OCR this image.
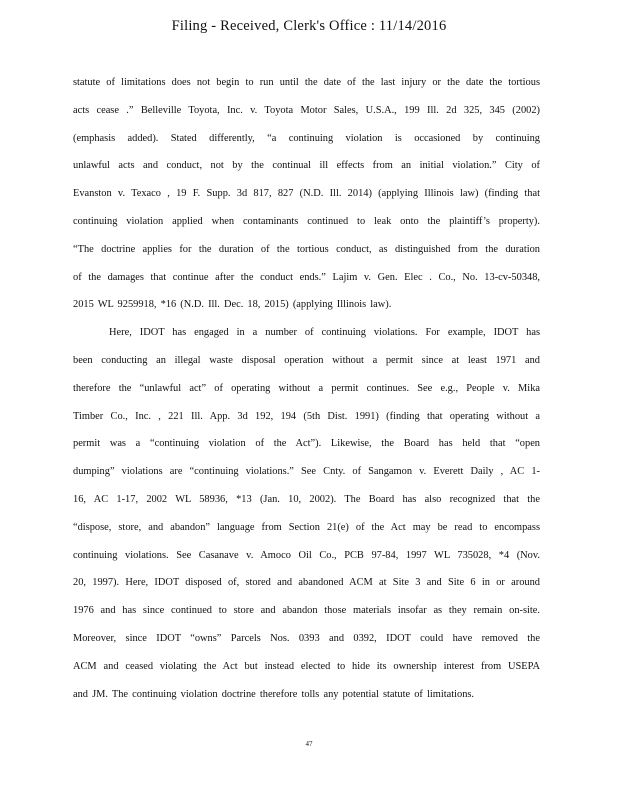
Filing - Received, Clerk's Office : 11/14/2016
statute of limitations does not begin to run until the date of the last injury or the date the tortious
acts cease .” Belleville Toyota, Inc. v. Toyota Motor Sales, U.S.A., 199 Ill. 2d 325, 345 (2002)
(emphasis added). Stated differently, “a continuing violation is occasioned by continuing
unlawful acts and conduct, not by the continual ill effects from an initial violation.” City of
Evanston v. Texaco , 19 F. Supp. 3d 817, 827 (N.D. Ill. 2014) (applying Illinois law) (finding that
continuing violation applied when contaminants continued to leak onto the plaintiff’s property).
“The doctrine applies for the duration of the tortious conduct, as distinguished from the duration
of the damages that continue after the conduct ends.” Lajim v. Gen. Elec . Co., No. 13-cv-50348,
2015 WL 9259918, *16 (N.D. Ill. Dec. 18, 2015) (applying Illinois law).
Here, IDOT has engaged in a number of continuing violations. For example, IDOT has
been conducting an illegal waste disposal operation without a permit since at least 1971 and
therefore the “unlawful act” of operating without a permit continues. See e.g., People v. Mika
Timber Co., Inc. , 221 Ill. App. 3d 192, 194 (5th Dist. 1991) (finding that operating without a
permit was a “continuing violation of the Act”). Likewise, the Board has held that “open
dumping” violations are “continuing violations.” See Cnty. of Sangamon v. Everett Daily , AC 1-
16, AC 1-17, 2002 WL 58936, *13 (Jan. 10, 2002). The Board has also recognized that the
“dispose, store, and abandon” language from Section 21(e) of the Act may be read to encompass
continuing violations. See Casanave v. Amoco Oil Co., PCB 97-84, 1997 WL 735028, *4 (Nov.
20, 1997). Here, IDOT disposed of, stored and abandoned ACM at Site 3 and Site 6 in or around
1976 and has since continued to store and abandon those materials insofar as they remain on-site.
Moreover, since IDOT “owns” Parcels Nos. 0393 and 0392, IDOT could have removed the
ACM and ceased violating the Act but instead elected to hide its ownership interest from USEPA
and JM. The continuing violation doctrine therefore tolls any potential statute of limitations.
47
